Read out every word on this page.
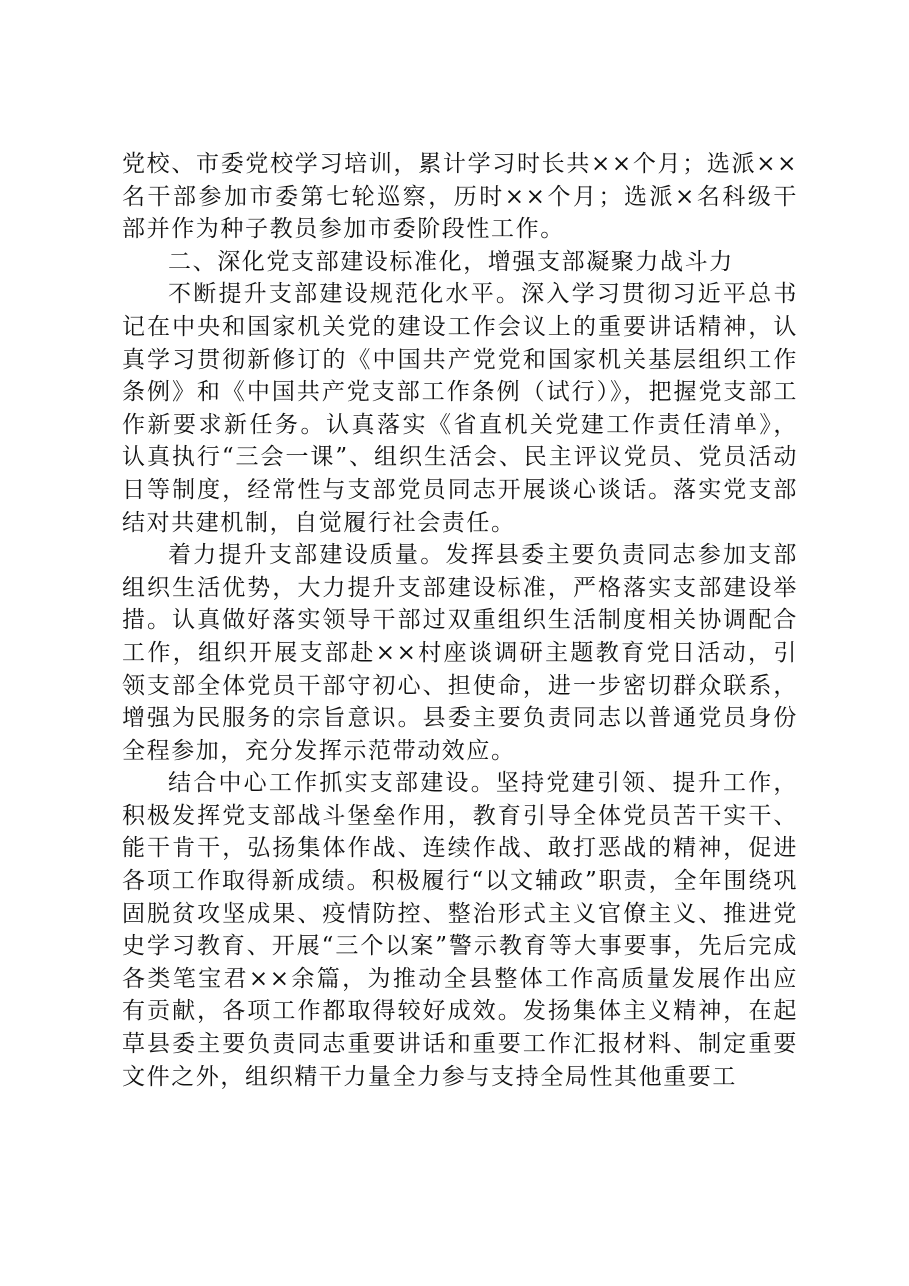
党校、市委党校学习培训，累计学习时长共××个月；选派××名干部参加市委第七轮巡察，历时××个月；选派×名科级干部并作为种子教员参加市委阶段性工作。

二、深化党支部建设标准化，增强支部凝聚力战斗力

不断提升支部建设规范化水平。深入学习贯彻习近平总书记在中央和国家机关党的建设工作会议上的重要讲话精神，认真学习贯彻新修订的《中国共产党党和国家机关基层组织工作条例》和《中国共产党支部工作条例（试行）》，把握党支部工作新要求新任务。认真落实《省直机关党建工作责任清单》，认真执行“三会一课”、组织生活会、民主评议党员、党员活动日等制度，经常性与支部党员同志开展谈心谈话。落实党支部结对共建机制，自觉履行社会责任。

着力提升支部建设质量。发挥县委主要负责同志参加支部组织生活优势，大力提升支部建设标准，严格落实支部建设举措。认真做好落实领导干部过双重组织生活制度相关协调配合工作，组织开展支部赴××村座谈调研主题教育党日活动，引领支部全体党员干部守初心、担使命，进一步密切群众联系，增强为民服务的宗旨意识。县委主要负责同志以普通党员身份全程参加，充分发挥示范带动效应。

结合中心工作抓实支部建设。坚持党建引领、提升工作，积极发挥党支部战斗堡垒作用，教育引导全体党员苦干实干、能干肯干，弘扬集体作战、连续作战、敢打恶战的精神，促进各项工作取得新成绩。积极履行“以文辅政”职责，全年围绕巩固脱贫攻坚成果、疫情防控、整治形式主义官僚主义、推进党史学习教育、开展“三个以案”警示教育等大事要事，先后完成各类笔宝君××余篇，为推动全县整体工作高质量发展作出应有贡献，各项工作都取得较好成效。发扬集体主义精神，在起草县委主要负责同志重要讲话和重要工作汇报材料、制定重要文件之外，组织精干力量全力参与支持全局性其他重要工
